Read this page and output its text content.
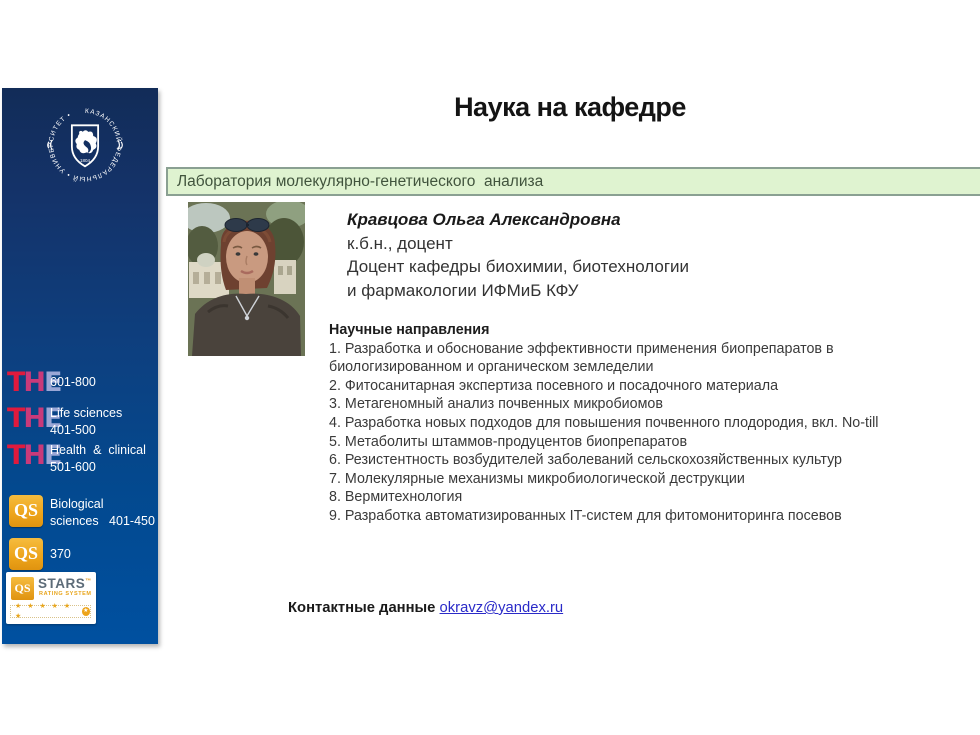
КАЗАНСКИЙ ФЕДЕРАЛЬНЫЙ • УНИВЕРСИТЕТ •
1804
THE
601-800
THE
Life sciences
401-500
THE
Health  &  clinical
501-600
QS Biological
sciences   401-450
QS 370
QS STARS™
RATING SYSTEM
★ ★ ★ ★ ★ ★
★
Наука на кафедре
Лаборатория молекулярно-генетического  анализа
Кравцова Ольга Александровна
к.б.н., доцент
Доцент кафедры биохимии, биотехнологии
и фармакологии ИФМиБ КФУ
Научные направления
1. Разработка и обоснование эффективности применения биопрепаратов в биологизированном и органическом земледелии
2. Фитосанитарная экспертиза посевного и посадочного материала
3. Метагеномный анализ почвенных микробиомов
4. Разработка новых подходов для повышения почвенного плодородия, вкл. No-till
5. Метаболиты штаммов-продуцентов биопрепаратов
6. Резистентность возбудителей заболеваний сельскохозяйственных культур
7. Молекулярные механизмы микробиологической деструкции
8. Вермитехнология
9. Разработка автоматизированных IT-систем для фитомониторинга посевов
Контактные данные okravz@yandex.ru
